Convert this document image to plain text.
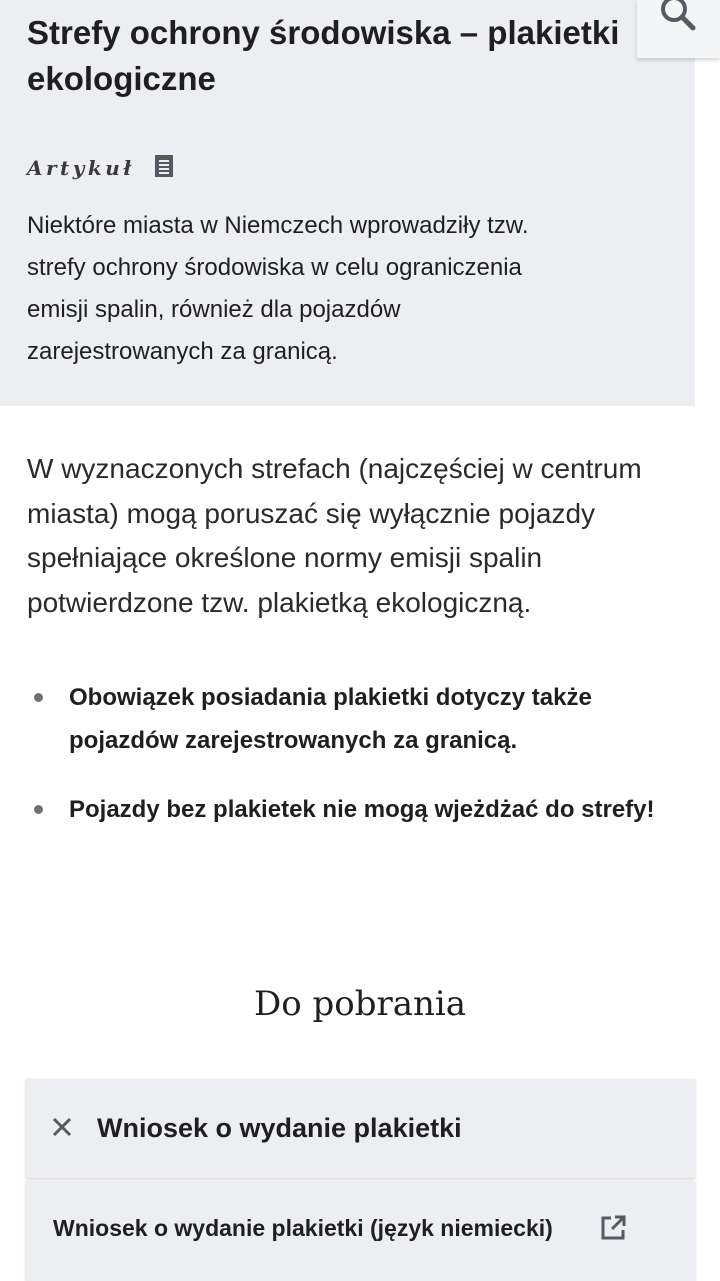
Strefy ochrony środowiska – plakietki ekologiczne
Artykuł

Niektóre miasta w Niemczech wprowadziły tzw. strefy ochrony środowiska w celu ograniczenia emisji spalin, również dla pojazdów zarejestrowanych za granicą.

W wyznaczonych strefach (najczęściej w centrum miasta) mogą poruszać się wyłącznie pojazdy spełniające określone normy emisji spalin potwierdzone tzw. plakietką ekologiczną.

Obowiązek posiadania plakietki dotyczy także pojazdów zarejestrowanych za granicą.
Pojazdy bez plakietek nie mogą wjeżdżać do strefy!
Do pobrania
Wniosek o wydanie plakietki
Wniosek o wydanie plakietki (język niemiecki)
